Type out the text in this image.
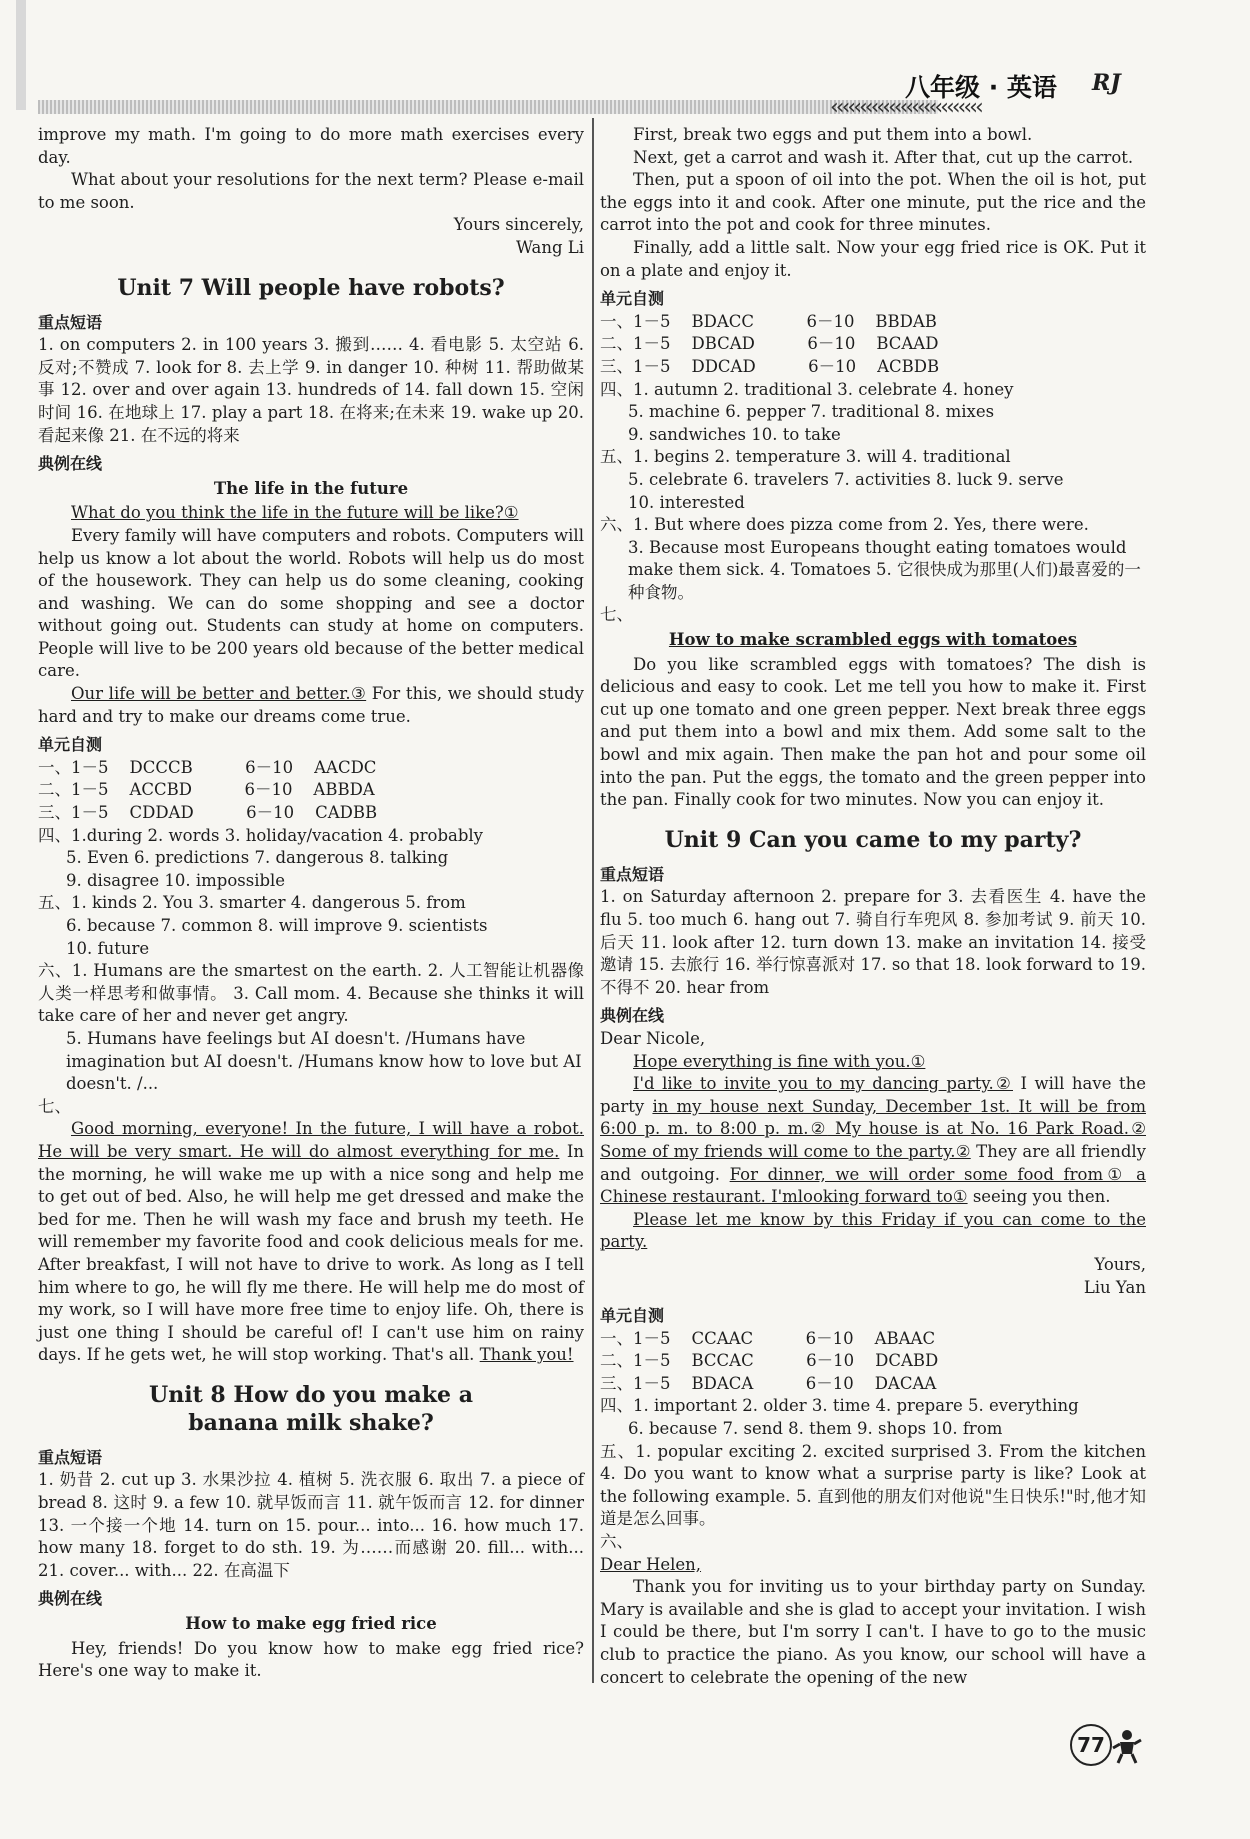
‹‹‹‹‹‹‹‹‹‹‹‹‹‹‹‹‹‹‹‹‹‹‹‹‹‹
八年级 · 英语 RJ

improve my math. I'm going to do more math exercises every day.

What about your resolutions for the next term? Please e-mail to me soon.

Yours sincerely,

Wang Li

Unit 7 Will people have robots?
重点短语

1. on computers 2. in 100 years 3. 搬到…… 4. 看电影 5. 太空站 6. 反对;不赞成 7. look for 8. 去上学 9. in danger 10. 种树 11. 帮助做某事 12. over and over again 13. hundreds of 14. fall down 15. 空闲时间 16. 在地球上 17. play a part 18. 在将来;在未来 19. wake up 20. 看起来像 21. 在不远的将来

典例在线
The life in the future

What do you think the life in the future will be like?①

Every family will have computers and robots. Computers will help us know a lot about the world. Robots will help us do most of the housework. They can help us do some cleaning, cooking and washing. We can do some shopping and see a doctor without going out. Students can study at home on computers. People will live to be 200 years old because of the better medical care.

Our life will be better and better.③ For this, we should study hard and try to make our dreams come true.

单元自测

一、1－5    DCCCB          6－10    AACDC

二、1－5    ACCBD          6－10    ABBDA

三、1－5    CDDAD          6－10    CADBB

四、1.during 2. words 3. holiday/vacation 4. probably

5. Even 6. predictions 7. dangerous 8. talking

9. disagree 10. impossible

五、1. kinds 2. You 3. smarter 4. dangerous 5. from

6. because 7. common 8. will improve 9. scientists

10. future

六、1. Humans are the smartest on the earth. 2. 人工智能让机器像人类一样思考和做事情。 3. Call mom. 4. Because she thinks it will take care of her and never get angry.

5. Humans have feelings but AI doesn't. /Humans have imagination but AI doesn't. /Humans know how to love but AI doesn't. /...

七、

Good morning, everyone! In the future, I will have a robot. He will be very smart. He will do almost everything for me. In the morning, he will wake me up with a nice song and help me to get out of bed. Also, he will help me get dressed and make the bed for me. Then he will wash my face and brush my teeth. He will remember my favorite food and cook delicious meals for me. After breakfast, I will not have to drive to work. As long as I tell him where to go, he will fly me there. He will help me do most of my work, so I will have more free time to enjoy life. Oh, there is just one thing I should be careful of! I can't use him on rainy days. If he gets wet, he will stop working. That's all. Thank you!

Unit 8 How do you make a
banana milk shake?
重点短语

1. 奶昔 2. cut up 3. 水果沙拉 4. 植树 5. 洗衣服 6. 取出 7. a piece of bread 8. 这时 9. a few 10. 就早饭而言 11. 就午饭而言 12. for dinner 13. 一个接一个地 14. turn on 15. pour... into... 16. how much 17. how many 18. forget to do sth. 19. 为……而感谢 20. fill... with... 21. cover... with... 22. 在高温下

典例在线
How to make egg fried rice

Hey, friends! Do you know how to make egg fried rice? Here's one way to make it.

First, break two eggs and put them into a bowl.

Next, get a carrot and wash it. After that, cut up the carrot.

Then, put a spoon of oil into the pot. When the oil is hot, put the eggs into it and cook. After one minute, put the rice and the carrot into the pot and cook for three minutes.

Finally, add a little salt. Now your egg fried rice is OK. Put it on a plate and enjoy it.

单元自测

一、1－5    BDACC          6－10    BBDAB

二、1－5    DBCAD          6－10    BCAAD

三、1－5    DDCAD          6－10    ACBDB

四、1. autumn 2. traditional 3. celebrate 4. honey

5. machine 6. pepper 7. traditional 8. mixes

9. sandwiches 10. to take

五、1. begins 2. temperature 3. will 4. traditional

5. celebrate 6. travelers 7. activities 8. luck 9. serve

10. interested

六、1. But where does pizza come from 2. Yes, there were.

3. Because most Europeans thought eating tomatoes would make them sick. 4. Tomatoes 5. 它很快成为那里(人们)最喜爱的一种食物。

七、

How to make scrambled eggs with tomatoes

Do you like scrambled eggs with tomatoes? The dish is delicious and easy to cook. Let me tell you how to make it. First cut up one tomato and one green pepper. Next break three eggs and put them into a bowl and mix them. Add some salt to the bowl and mix again. Then make the pan hot and pour some oil into the pan. Put the eggs, the tomato and the green pepper into the pan. Finally cook for two minutes. Now you can enjoy it.

Unit 9 Can you came to my party?
重点短语

1. on Saturday afternoon 2. prepare for 3. 去看医生 4. have the flu 5. too much 6. hang out 7. 骑自行车兜风 8. 参加考试 9. 前天 10. 后天 11. look after 12. turn down 13. make an invitation 14. 接受邀请 15. 去旅行 16. 举行惊喜派对 17. so that 18. look forward to 19. 不得不 20. hear from

典例在线

Dear Nicole,

Hope everything is fine with you.①

I'd like to invite you to my dancing party.② I will have the party in my house next Sunday, December 1st. It will be from 6:00 p. m. to 8:00 p. m.② My house is at No. 16 Park Road.② Some of my friends will come to the party.② They are all friendly and outgoing. For dinner, we will order some food from① a Chinese restaurant. I'mlooking forward to① seeing you then.

Please let me know by this Friday if you can come to the party.

Yours,

Liu Yan

单元自测

一、1－5    CCAAC          6－10    ABAAC

二、1－5    BCCAC          6－10    DCABD

三、1－5    BDACA          6－10    DACAA

四、1. important 2. older 3. time 4. prepare 5. everything

6. because 7. send 8. them 9. shops 10. from

五、1. popular exciting 2. excited surprised 3. From the kitchen 4. Do you want to know what a surprise party is like? Look at the following example. 5. 直到他的朋友们对他说"生日快乐!"时,他才知道是怎么回事。

六、

Dear Helen,

Thank you for inviting us to your birthday party on Sunday. Mary is available and she is glad to accept your invitation. I wish I could be there, but I'm sorry I can't. I have to go to the music club to practice the piano. As you know, our school will have a concert to celebrate the opening of the new

77
